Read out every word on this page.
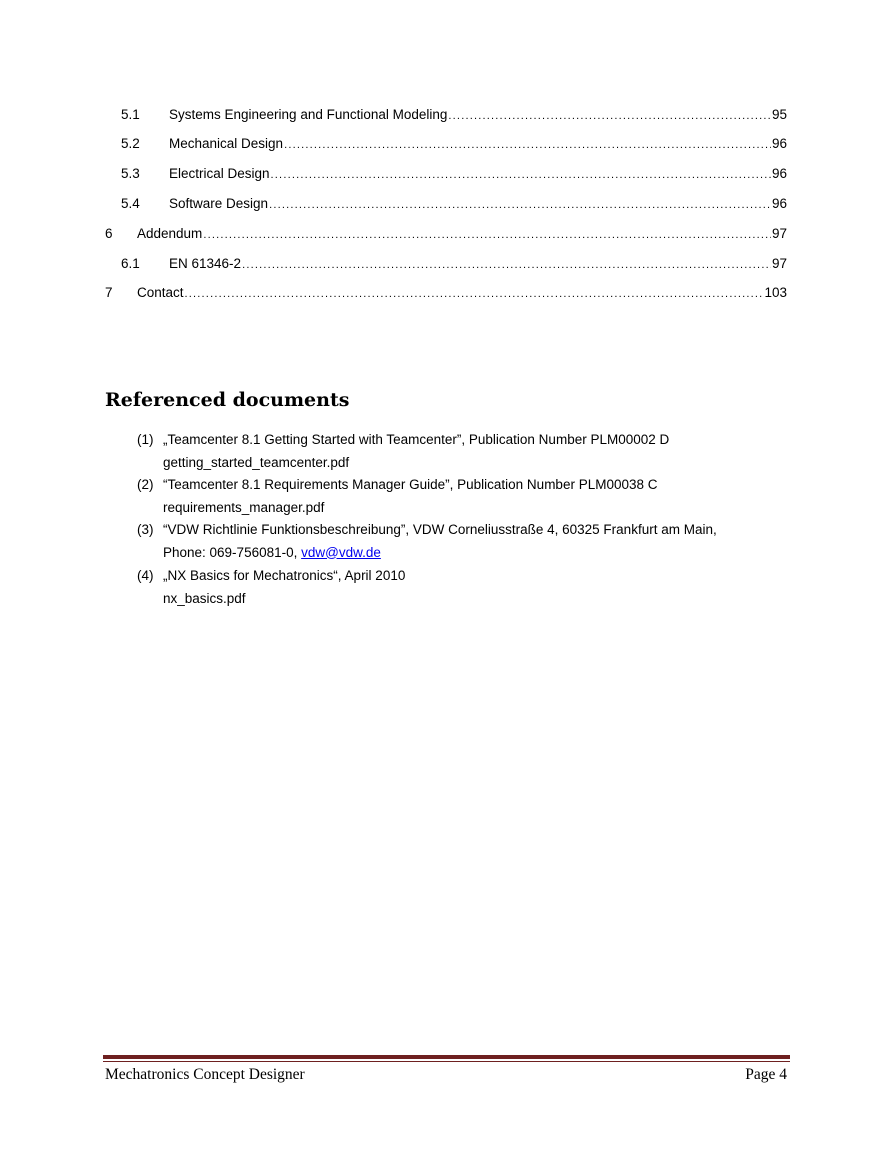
5.1	Systems Engineering and Functional Modeling .....	95
5.2	Mechanical Design .....	96
5.3	Electrical Design .....	96
5.4	Software Design .....	96
6	Addendum .....	97
6.1	EN 61346-2 .....	97
7	Contact .....	103
Referenced documents
(1) „Teamcenter 8.1 Getting Started with Teamcenter”, Publication Number PLM00002 D
getting_started_teamcenter.pdf
(2) “Teamcenter 8.1 Requirements Manager Guide”, Publication Number PLM00038 C
requirements_manager.pdf
(3) “VDW Richtlinie Funktionsbeschreibung”, VDW Corneliusstraße 4, 60325 Frankfurt am Main,
Phone: 069-756081-0, vdw@vdw.de
(4) „NX Basics for Mechatronics“, April 2010
nx_basics.pdf
Mechatronics Concept Designer	Page 4
